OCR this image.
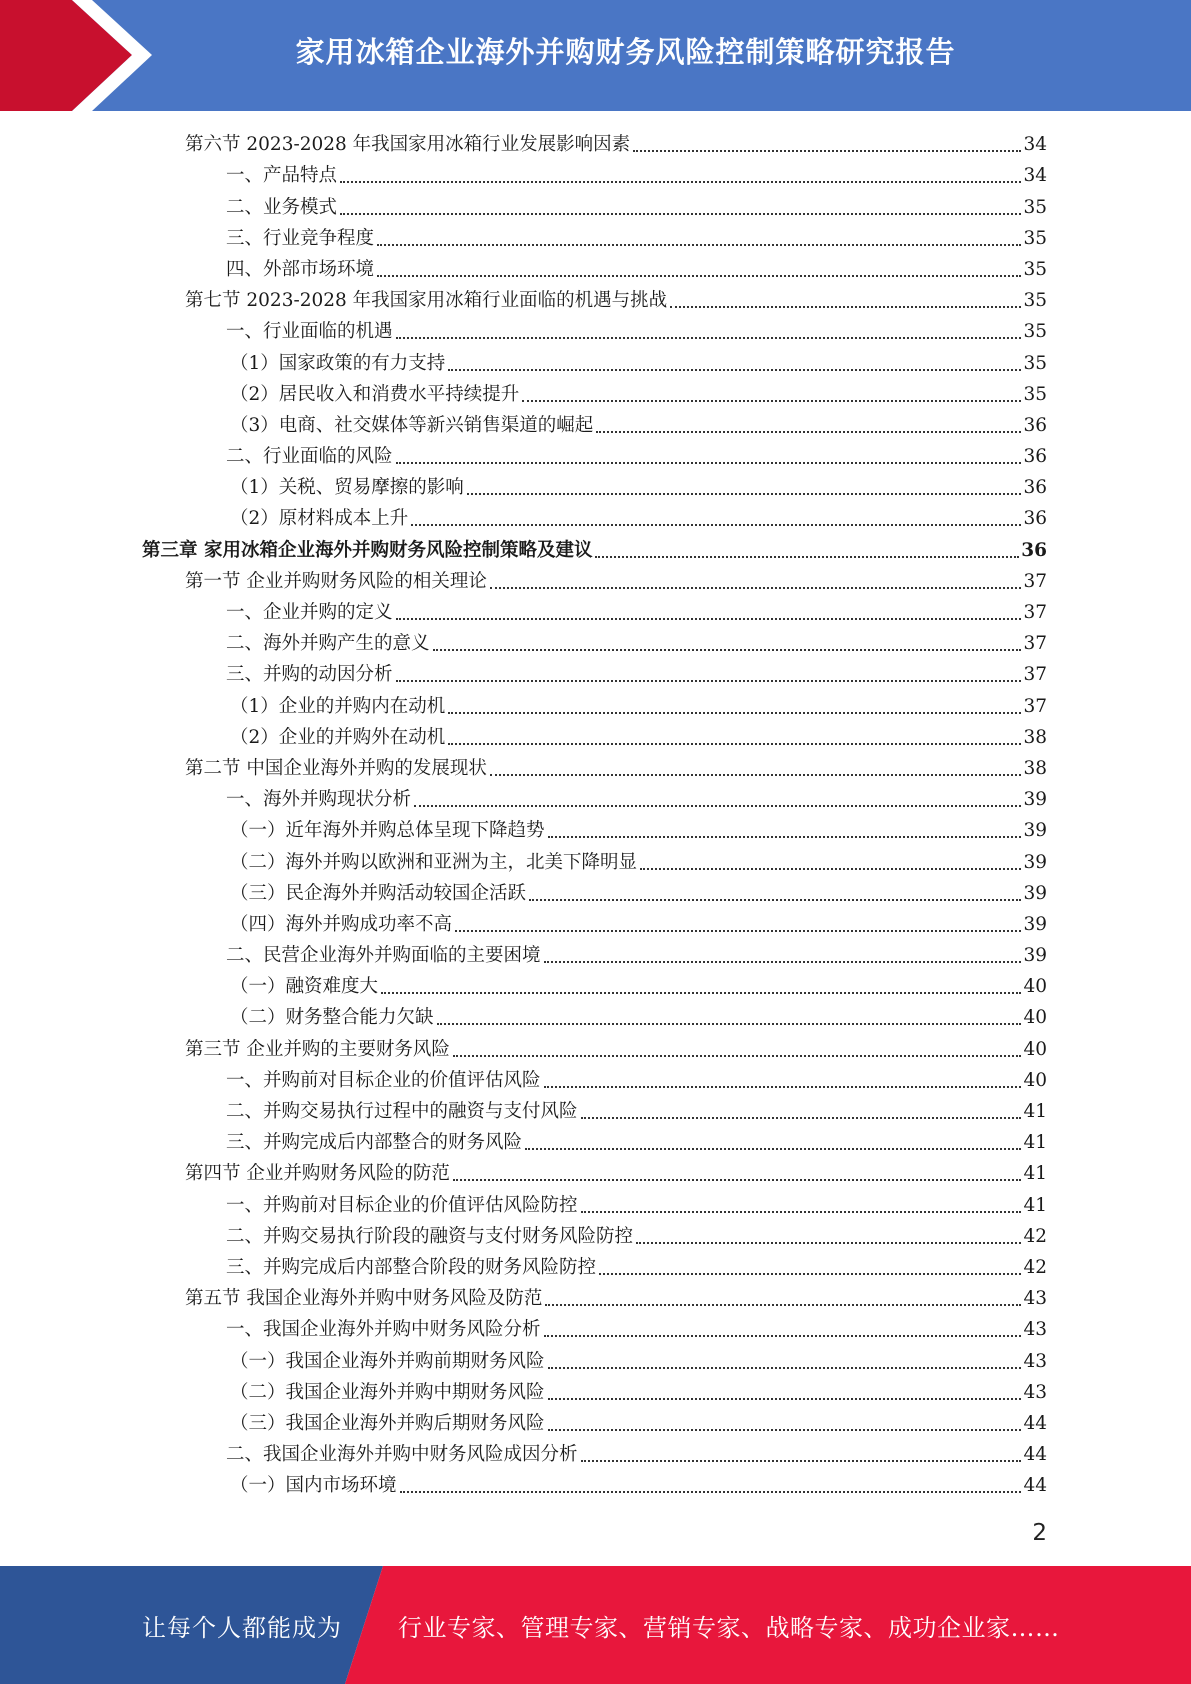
家用冰箱企业海外并购财务风险控制策略研究报告
第六节 2023-2028 年我国家用冰箱行业发展影响因素	34
一、产品特点	34
二、业务模式	35
三、行业竞争程度	35
四、外部市场环境	35
第七节 2023-2028 年我国家用冰箱行业面临的机遇与挑战	35
一、行业面临的机遇	35
（1）国家政策的有力支持	35
（2）居民收入和消费水平持续提升	35
（3）电商、社交媒体等新兴销售渠道的崛起	36
二、行业面临的风险	36
（1）关税、贸易摩擦的影响	36
（2）原材料成本上升	36
第三章 家用冰箱企业海外并购财务风险控制策略及建议	36
第一节 企业并购财务风险的相关理论	37
一、企业并购的定义	37
二、海外并购产生的意义	37
三、并购的动因分析	37
（1）企业的并购内在动机	37
（2）企业的并购外在动机	38
第二节 中国企业海外并购的发展现状	38
一、海外并购现状分析	39
（一）近年海外并购总体呈现下降趋势	39
（二）海外并购以欧洲和亚洲为主，北美下降明显	39
（三）民企海外并购活动较国企活跃	39
（四）海外并购成功率不高	39
二、民营企业海外并购面临的主要困境	39
（一）融资难度大	40
（二）财务整合能力欠缺	40
第三节 企业并购的主要财务风险	40
一、并购前对目标企业的价值评估风险	40
二、并购交易执行过程中的融资与支付风险	41
三、并购完成后内部整合的财务风险	41
第四节 企业并购财务风险的防范	41
一、并购前对目标企业的价值评估风险防控	41
二、并购交易执行阶段的融资与支付财务风险防控	42
三、并购完成后内部整合阶段的财务风险防控	42
第五节 我国企业海外并购中财务风险及防范	43
一、我国企业海外并购中财务风险分析	43
（一）我国企业海外并购前期财务风险	43
（二）我国企业海外并购中期财务风险	43
（三）我国企业海外并购后期财务风险	44
二、我国企业海外并购中财务风险成因分析	44
（一）国内市场环境	44
2
让每个人都能成为 行业专家、管理专家、营销专家、战略专家、成功企业家……
